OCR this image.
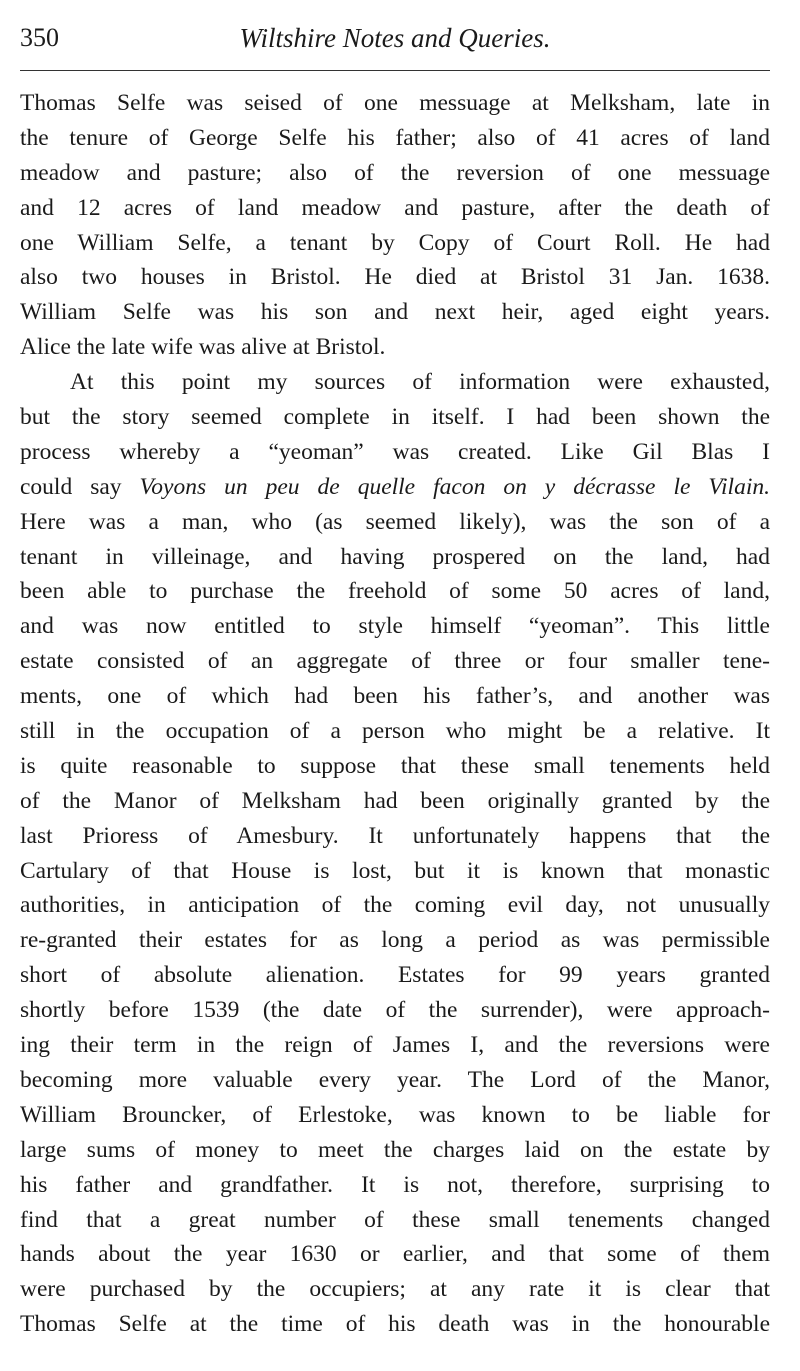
350	Wiltshire Notes and Queries.
Thomas Selfe was seised of one messuage at Melksham, late in
the tenure of George Selfe his father; also of 41 acres of land
meadow and pasture; also of the reversion of one messuage
and 12 acres of land meadow and pasture, after the death of
one William Selfe, a tenant by Copy of Court Roll. He had
also two houses in Bristol. He died at Bristol 31 Jan. 1638.
William Selfe was his son and next heir, aged eight years.
Alice the late wife was alive at Bristol.
At this point my sources of information were exhausted,
but the story seemed complete in itself. I had been shown the
process whereby a “yeoman” was created. Like Gil Blas I
could say Voyons un peu de quelle facon on y décrasse le Vilain.
Here was a man, who (as seemed likely), was the son of a
tenant in villeinage, and having prospered on the land, had
been able to purchase the freehold of some 50 acres of land,
and was now entitled to style himself “yeoman”. This little
estate consisted of an aggregate of three or four smaller tene-
ments, one of which had been his father’s, and another was
still in the occupation of a person who might be a relative. It
is quite reasonable to suppose that these small tenements held
of the Manor of Melksham had been originally granted by the
last Prioress of Amesbury. It unfortunately happens that the
Cartulary of that House is lost, but it is known that monastic
authorities, in anticipation of the coming evil day, not unusually
re-granted their estates for as long a period as was permissible
short of absolute alienation. Estates for 99 years granted
shortly before 1539 (the date of the surrender), were approach-
ing their term in the reign of James I, and the reversions were
becoming more valuable every year. The Lord of the Manor,
William Brouncker, of Erlestoke, was known to be liable for
large sums of money to meet the charges laid on the estate by
his father and grandfather. It is not, therefore, surprising to
find that a great number of these small tenements changed
hands about the year 1630 or earlier, and that some of them
were purchased by the occupiers; at any rate it is clear that
Thomas Selfe at the time of his death was in the honourable
